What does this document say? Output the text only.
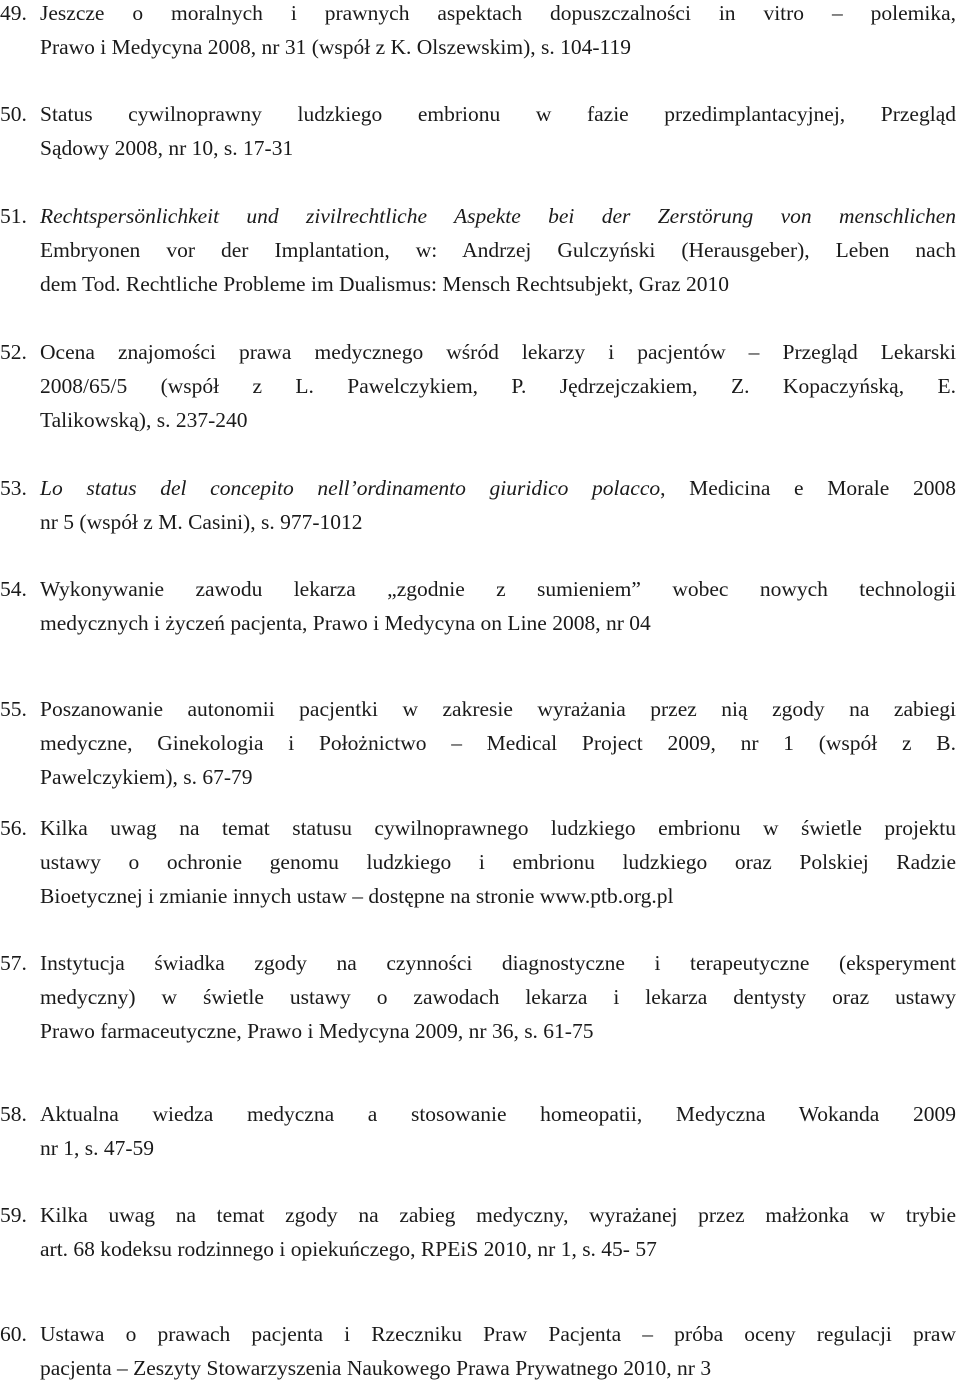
49. Jeszcze o moralnych i prawnych aspektach dopuszczalności in vitro – polemika,
Prawo i Medycyna 2008, nr 31 (współ z K. Olszewskim), s. 104-119
50. Status cywilnoprawny ludzkiego embrionu w fazie przedimplantacyjnej, Przegląd
Sądowy 2008, nr 10, s. 17-31
51. Rechtspersönlichkeit und zivilrechtliche Aspekte bei der Zerstörung von menschlichen
Embryonen vor der Implantation, w: Andrzej Gulczyński (Herausgeber), Leben nach
dem Tod. Rechtliche Probleme im Dualismus: Mensch Rechtsubjekt, Graz 2010
52. Ocena znajomości prawa medycznego wśród lekarzy i pacjentów – Przegląd Lekarski
2008/65/5 (współ z L. Pawelczykiem, P. Jędrzejczakiem, Z. Kopaczyńską, E.
Talikowską), s. 237-240
53. Lo status del concepito nell’ordinamento giuridico polacco, Medicina e Morale 2008
nr 5 (współ z M. Casini), s. 977-1012
54. Wykonywanie zawodu lekarza „zgodnie z sumieniem” wobec nowych technologii
medycznych i życzeń pacjenta, Prawo i Medycyna on Line 2008, nr 04
55. Poszanowanie autonomii pacjentki w zakresie wyrażania przez nią zgody na zabiegi
medyczne, Ginekologia i Położnictwo – Medical Project 2009, nr 1 (współ z B.
Pawelczykiem), s. 67-79
56. Kilka uwag na temat statusu cywilnoprawnego ludzkiego embrionu w świetle projektu
ustawy o ochronie genomu ludzkiego i embrionu ludzkiego oraz Polskiej Radzie
Bioetycznej i zmianie innych ustaw – dostępne na stronie www.ptb.org.pl
57. Instytucja świadka zgody na czynności diagnostyczne i terapeutyczne (eksperyment
medyczny) w świetle ustawy o zawodach lekarza i lekarza dentysty oraz ustawy
Prawo farmaceutyczne, Prawo i Medycyna 2009, nr 36, s. 61-75
58. Aktualna wiedza medyczna a stosowanie homeopatii, Medyczna Wokanda 2009
nr 1, s. 47-59
59. Kilka uwag na temat zgody na zabieg medyczny, wyrażanej przez małżonka w trybie
art. 68 kodeksu rodzinnego i opiekuńczego, RPEiS 2010, nr 1, s. 45- 57
60. Ustawa o prawach pacjenta i Rzeczniku Praw Pacjenta – próba oceny regulacji praw
pacjenta – Zeszyty Stowarzyszenia Naukowego Prawa Prywatnego 2010, nr 3
